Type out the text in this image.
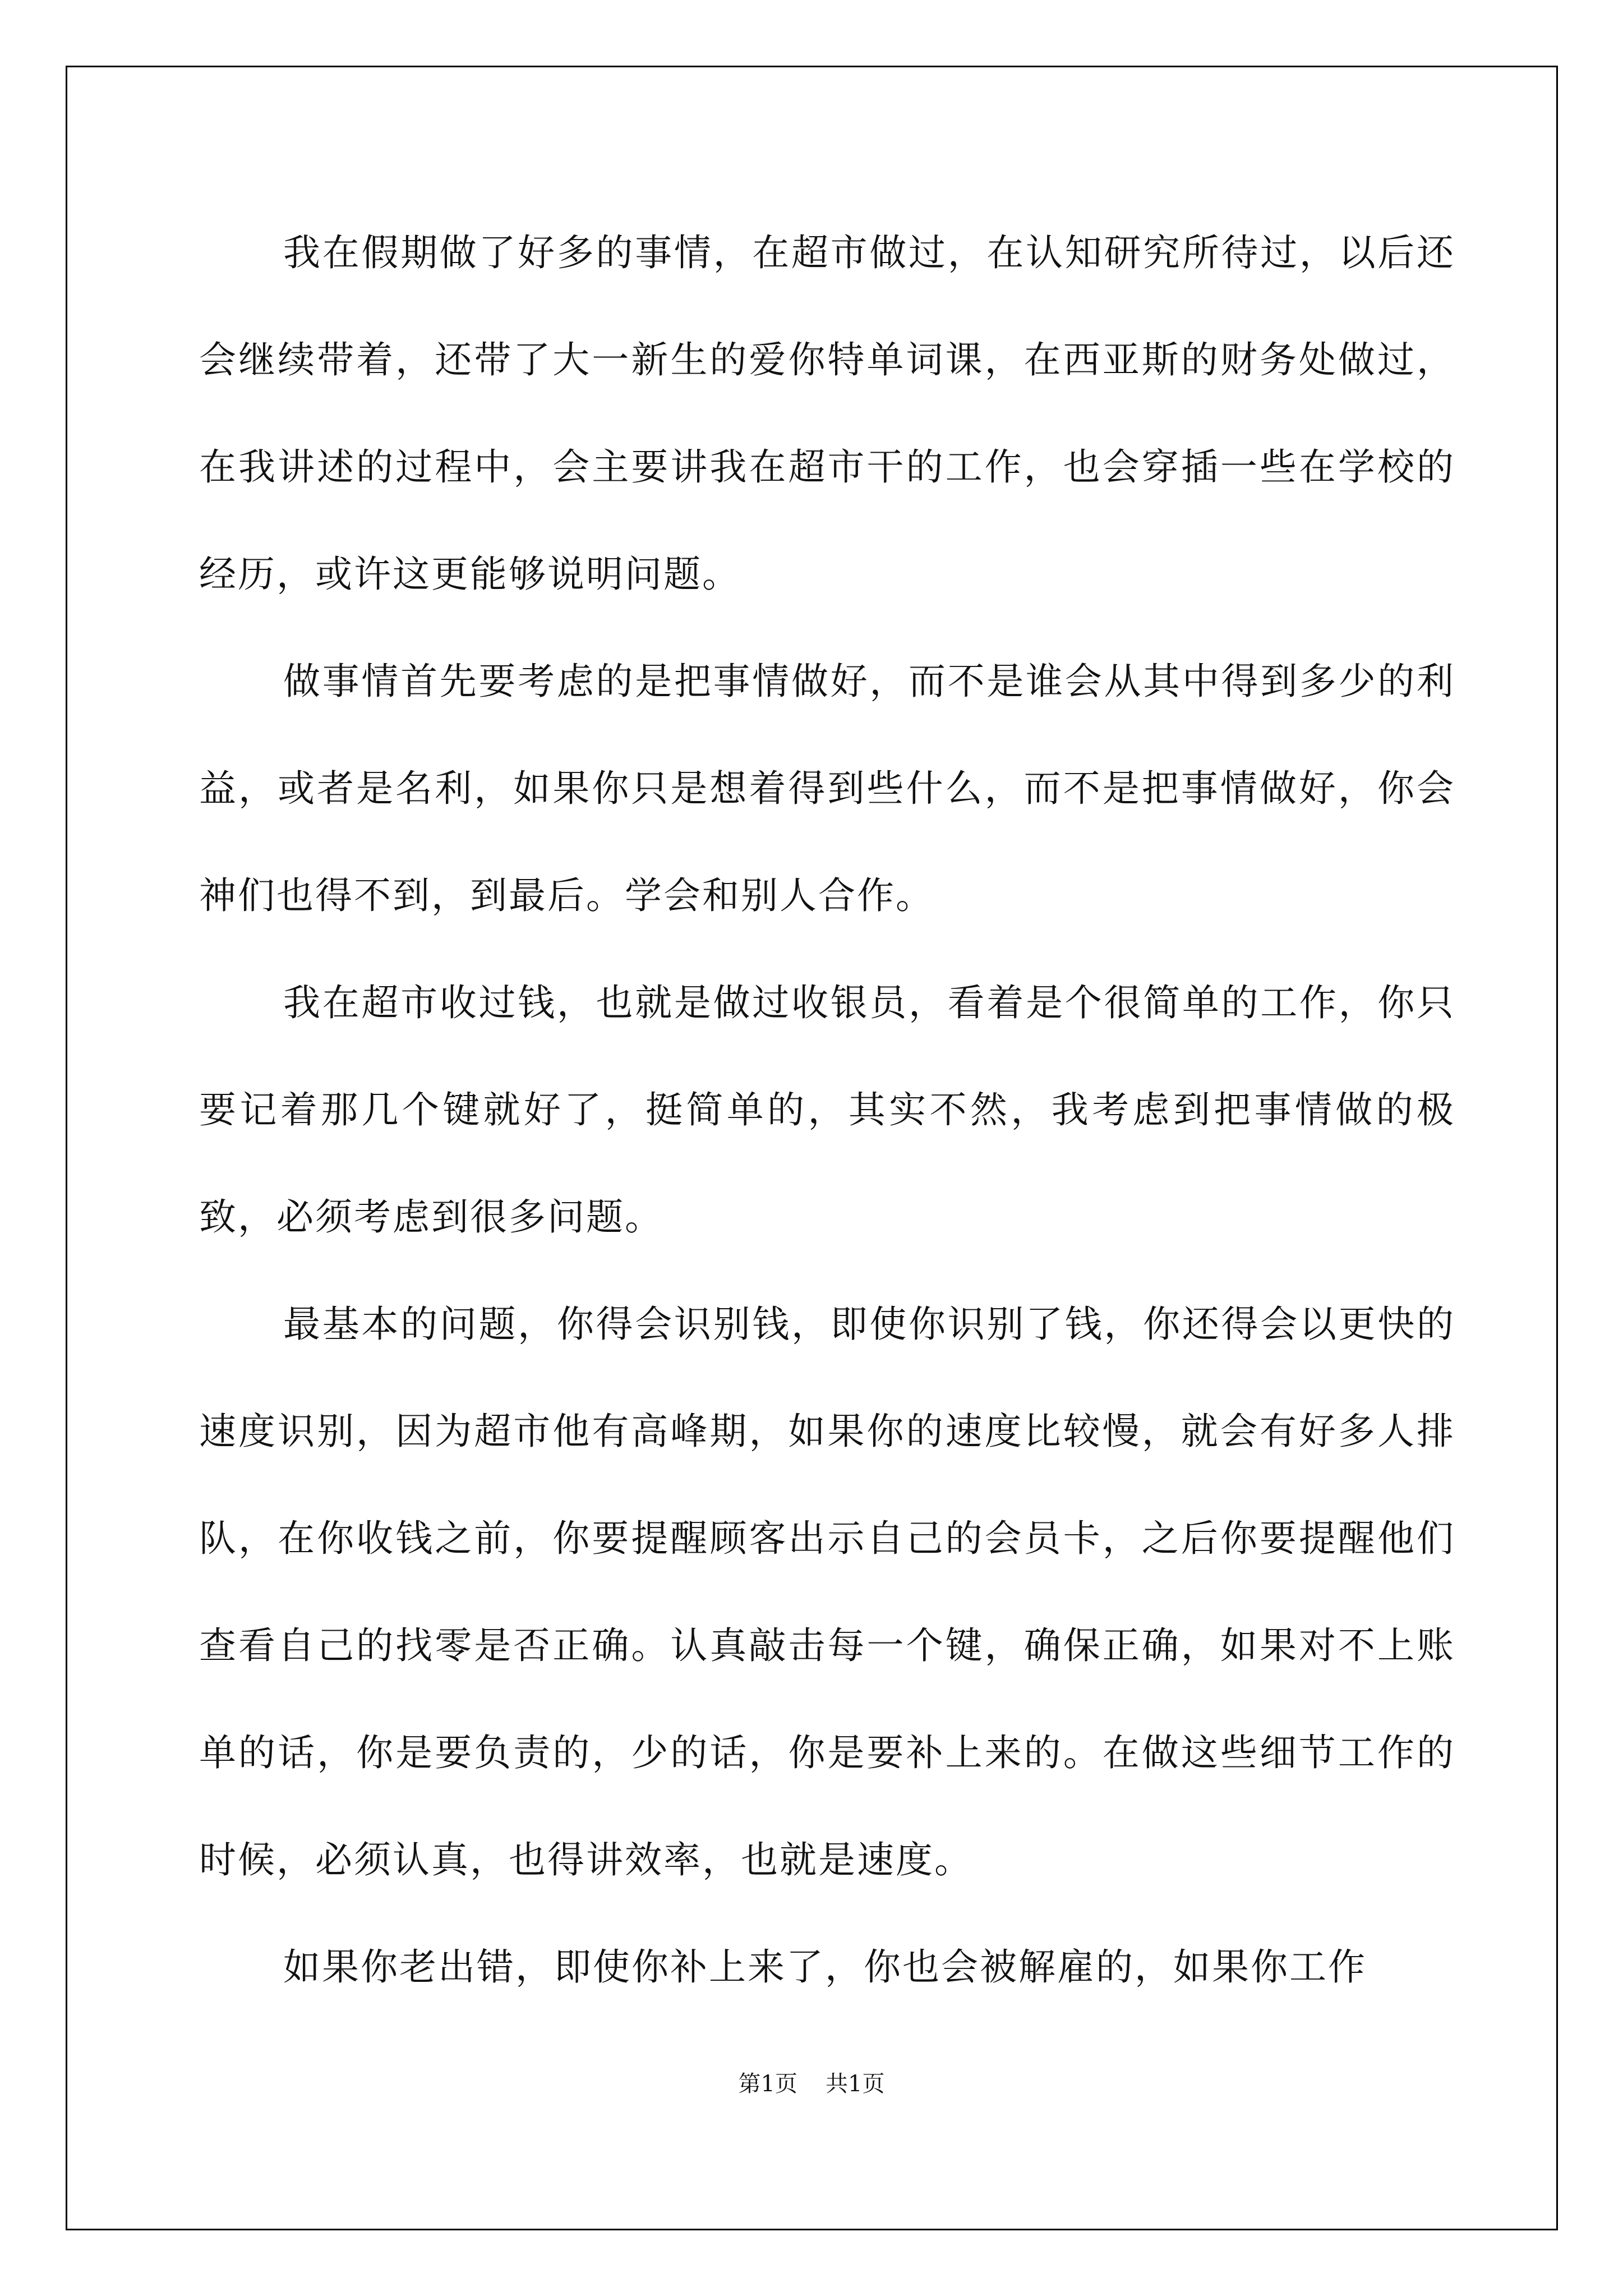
我在假期做了好多的事情，在超市做过，在认知研究所待过，以后还会继续带着，还带了大一新生的爱你特单词课，在西亚斯的财务处做过，在我讲述的过程中，会主要讲我在超市干的工作，也会穿插一些在学校的经历，或许这更能够说明问题。

做事情首先要考虑的是把事情做好，而不是谁会从其中得到多少的利益，或者是名利，如果你只是想着得到些什么，而不是把事情做好，你会神们也得不到，到最后。学会和别人合作。

我在超市收过钱，也就是做过收银员，看着是个很简单的工作，你只要记着那几个键就好了，挺简单的，其实不然，我考虑到把事情做的极致，必须考虑到很多问题。

最基本的问题，你得会识别钱，即使你识别了钱，你还得会以更快的速度识别，因为超市他有高峰期，如果你的速度比较慢，就会有好多人排队，在你收钱之前，你要提醒顾客出示自己的会员卡，之后你要提醒他们查看自己的找零是否正确。认真敲击每一个键，确保正确，如果对不上账单的话，你是要负责的，少的话，你是要补上来的。在做这些细节工作的时候，必须认真，也得讲效率，也就是速度。

如果你老出错，即使你补上来了，你也会被解雇的，如果你工作

第1页 共1页
